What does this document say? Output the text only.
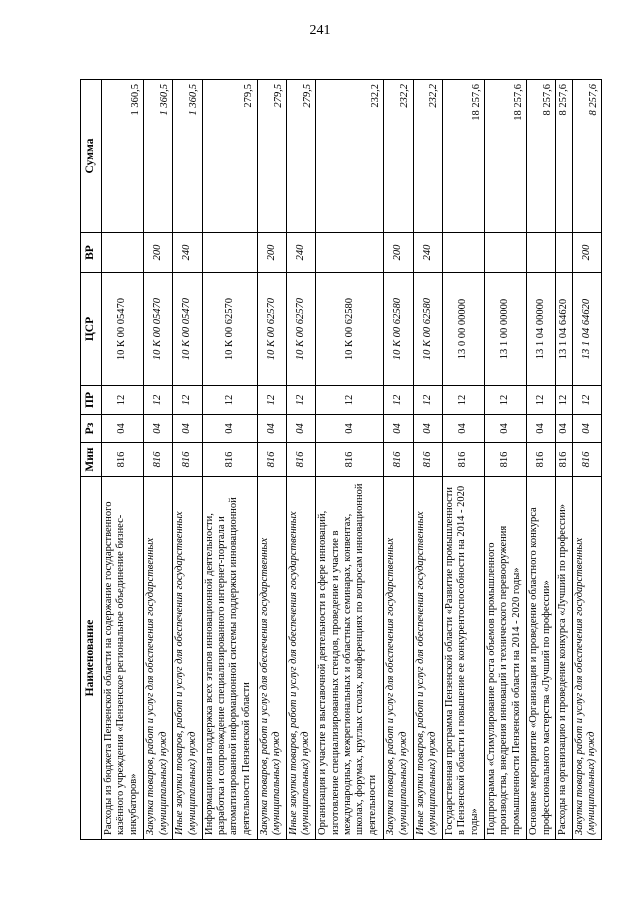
241
Наименование	Мин	Рз	ПР	ЦСР	ВР	Сумма
Расходы из бюджета Пензенской области на содержание государственного казённого учреждения «Пензенское региональное объединение бизнес-инкубаторов»	816	04	12	10 К 00 05470		1 360,5
Закупка товаров, работ и услуг для обеспечения государственных (муниципальных) нужд	816	04	12	10 К 00 05470	200	1 360,5
Иные закупки товаров, работ и услуг для обеспечения государственных (муниципальных) нужд	816	04	12	10 К 00 05470	240	1 360,5
Информационная поддержка всех этапов инновационной деятельности, разработка и сопровождение специализированного интернет-портала и автоматизированной информационной системы поддержки инновационной деятельности Пензенской области	816	04	12	10 К 00 62570		279,5
Закупка товаров, работ и услуг для обеспечения государственных (муниципальных) нужд	816	04	12	10 К 00 62570	200	279,5
Иные закупки товаров, работ и услуг для обеспечения государственных (муниципальных) нужд	816	04	12	10 К 00 62570	240	279,5
Организация и участие в выставочной деятельности в сфере инноваций, изготовление специализированных стендов, проведение и участие в международных, межрегиональных и областных семинарах, конвентах, школах, форумах, круглых столах, конференциях по вопросам инновационной деятельности	816	04	12	10 К 00 62580		232,2
Закупка товаров, работ и услуг для обеспечения государственных (муниципальных) нужд	816	04	12	10 К 00 62580	200	232,2
Иные закупки товаров, работ и услуг для обеспечения государственных (муниципальных) нужд	816	04	12	10 К 00 62580	240	232,2
Государственная программа Пензенской области «Развитие промышленности в Пензенской области и повышение ее конкурентоспособности на 2014 - 2020 годы»	816	04	12	13 0 00 00000		18 257,6
Подпрограмма «Стимулирование роста объемов промышленного производства, внедрения инноваций и технического перевооружения промышленности Пензенской области на 2014 - 2020 годы»	816	04	12	13 1 00 00000		18 257,6
Основное мероприятие «Организация и проведение областного конкурса профессионального мастерства «Лучший по профессии»	816	04	12	13 1 04 00000		8 257,6
Расходы на организацию и проведение конкурса «Лучший по профессии»	816	04	12	13 1 04 64620		8 257,6
Закупка товаров, работ и услуг для обеспечения государственных (муниципальных) нужд	816	04	12	13 1 04 64620	200	8 257,6
